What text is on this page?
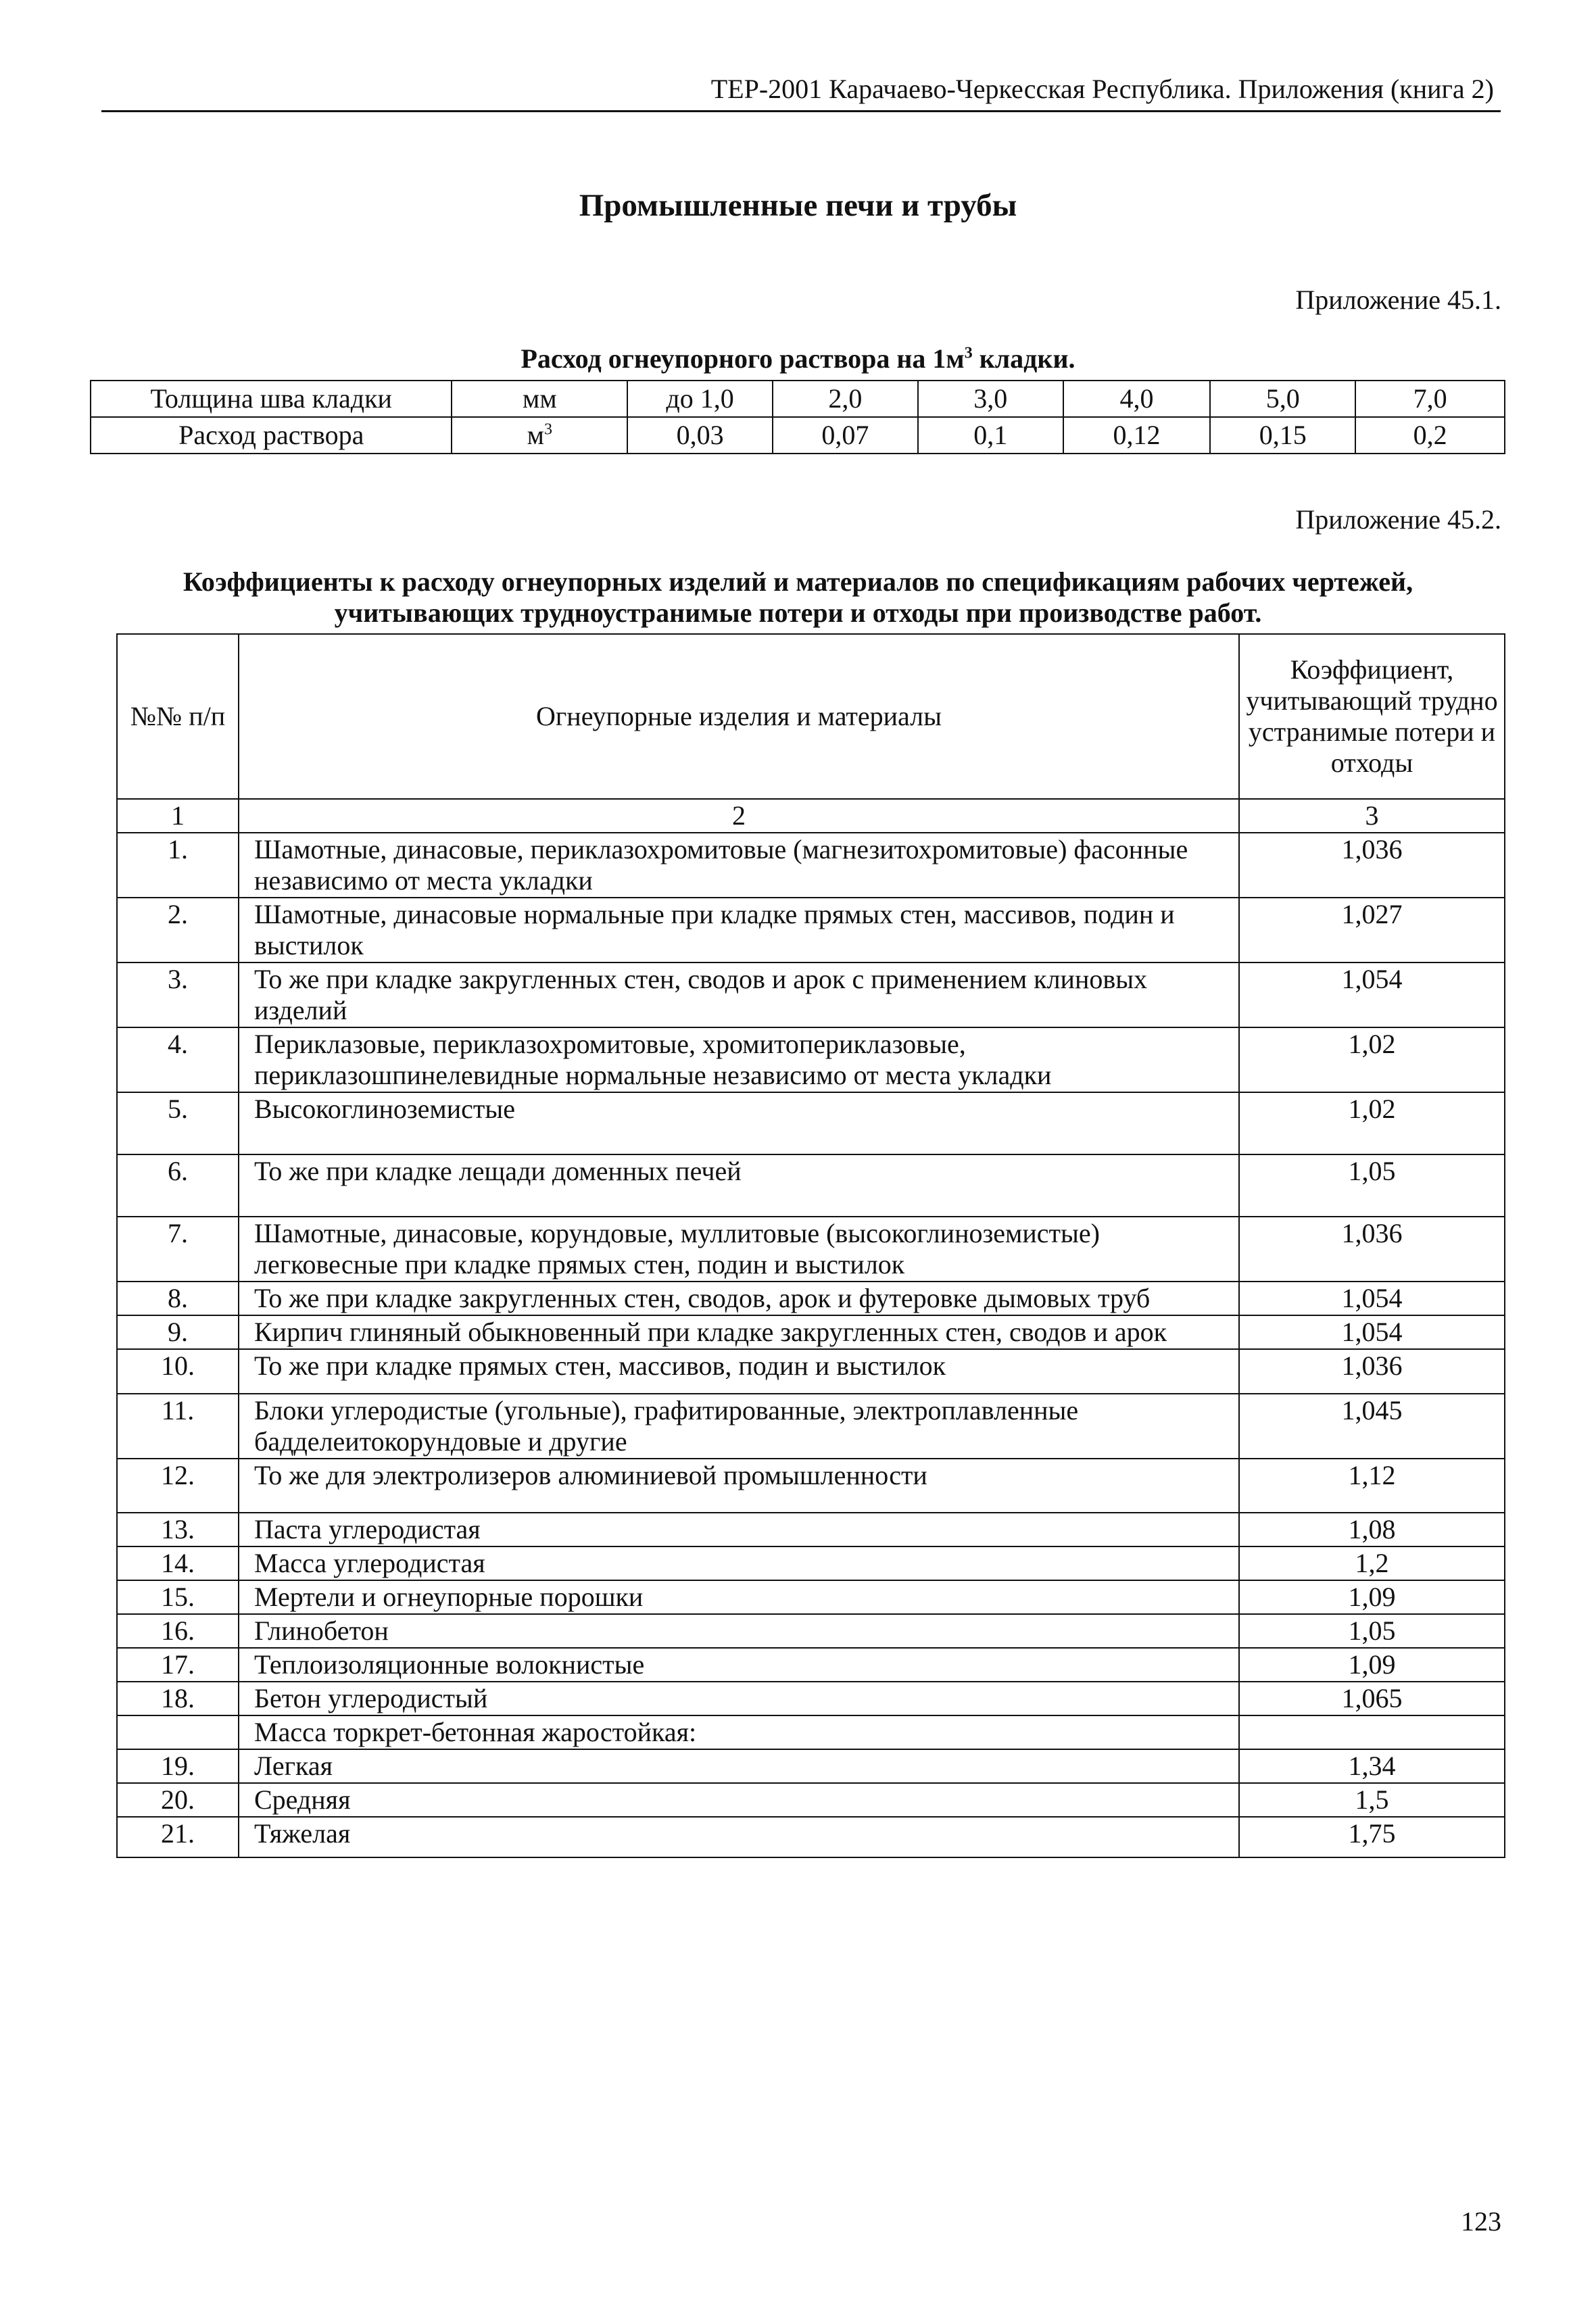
ТЕР-2001 Карачаево-Черкесская Республика. Приложения (книга 2)
Промышленные печи и трубы
Приложение 45.1.
Расход огнеупорного раствора на $1м^3$ кладки.
Толщина шва кладки	мм	до 1,0	2,0	3,0	4,0	5,0	7,0
Расход раствора	$м^3$	0,03	0,07	0,1	0,12	0,15	0,2
Приложение 45.2.
Коэффициенты к расходу огнеупорных изделий и материалов по спецификациям рабочих чертежей,
учитывающих трудноустранимые потери и отходы при производстве работ.
№№ п/п	Огнеупорные изделия и материалы	Коэффициент, учитывающий трудно устранимые потери и отходы
1	2	3
1.	Шамотные, динасовые, периклазохромитовые (магнезитохромитовые) фасонные независимо от места укладки	1,036
2.	Шамотные, динасовые нормальные при кладке прямых стен, массивов, подин и выстилок	1,027
3.	То же при кладке закругленных стен, сводов и арок с применением клиновых изделий	1,054
4.	Периклазовые, периклазохромитовые, хромитопериклазовые, периклазошпинелевидные нормальные независимо от места укладки	1,02
5.	Высокоглиноземистые	1,02
6.	То же при кладке лещади доменных печей	1,05
7.	Шамотные, динасовые, корундовые, муллитовые (высокоглиноземистые) легковесные при кладке прямых стен, подин и выстилок	1,036
8.	То же при кладке закругленных стен, сводов, арок и футеровке дымовых труб	1,054
9.	Кирпич глиняный обыкновенный при кладке закругленных стен, сводов и арок	1,054
10.	То же при кладке прямых стен, массивов, подин и выстилок	1,036
11.	Блоки углеродистые (угольные), графитированные, электроплавленные бадделеитокорундовые и другие	1,045
12.	То же для электролизеров алюминиевой промышленности	1,12
13.	Паста углеродистая	1,08
14.	Масса углеродистая	1,2
15.	Мертели и огнеупорные порошки	1,09
16.	Глинобетон	1,05
17.	Теплоизоляционные волокнистые	1,09
18.	Бетон углеродистый	1,065
	Масса торкрет-бетонная жаростойкая:	
19.	Легкая	1,34
20.	Средняя	1,5
21.	Тяжелая	1,75
123
